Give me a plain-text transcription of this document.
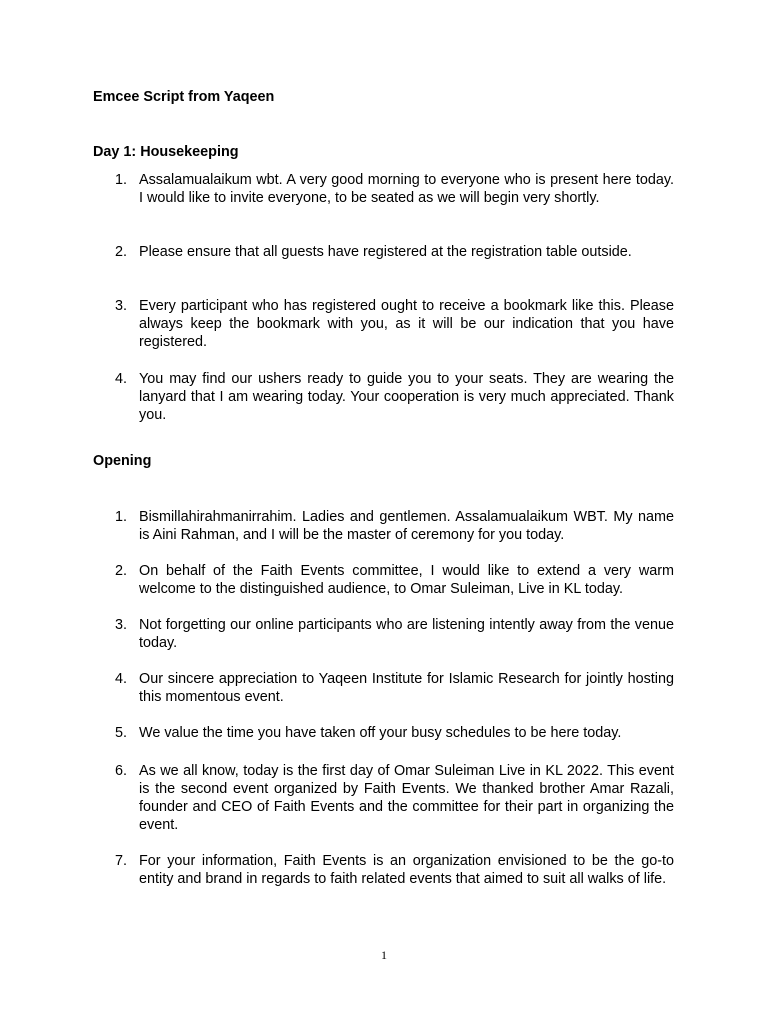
Emcee Script from Yaqeen
Day 1: Housekeeping
1. Assalamualaikum wbt. A very good morning to everyone who is present here today. I would like to invite everyone, to be seated as we will begin very shortly.
2. Please ensure that all guests have registered at the registration table outside.
3. Every participant who has registered ought to receive a bookmark like this. Please always keep the bookmark with you, as it will be our indication that you have registered.
4. You may find our ushers ready to guide you to your seats. They are wearing the lanyard that I am wearing today. Your cooperation is very much appreciated. Thank you.
Opening
1. Bismillahirahmanirrahim. Ladies and gentlemen. Assalamualaikum WBT. My name is Aini Rahman, and I will be the master of ceremony for you today.
2. On behalf of the Faith Events committee, I would like to extend a very warm welcome to the distinguished audience, to Omar Suleiman, Live in KL today.
3. Not forgetting our online participants who are listening intently away from the venue today.
4. Our sincere appreciation to Yaqeen Institute for Islamic Research for jointly hosting this momentous event.
5. We value the time you have taken off your busy schedules to be here today.
6. As we all know, today is the first day of Omar Suleiman Live in KL 2022. This event is the second event organized by Faith Events. We thanked brother Amar Razali, founder and CEO of Faith Events and the committee for their part in organizing the event.
7. For your information, Faith Events is an organization envisioned to be the go-to entity and brand in regards to faith related events that aimed to suit all walks of life.
1
